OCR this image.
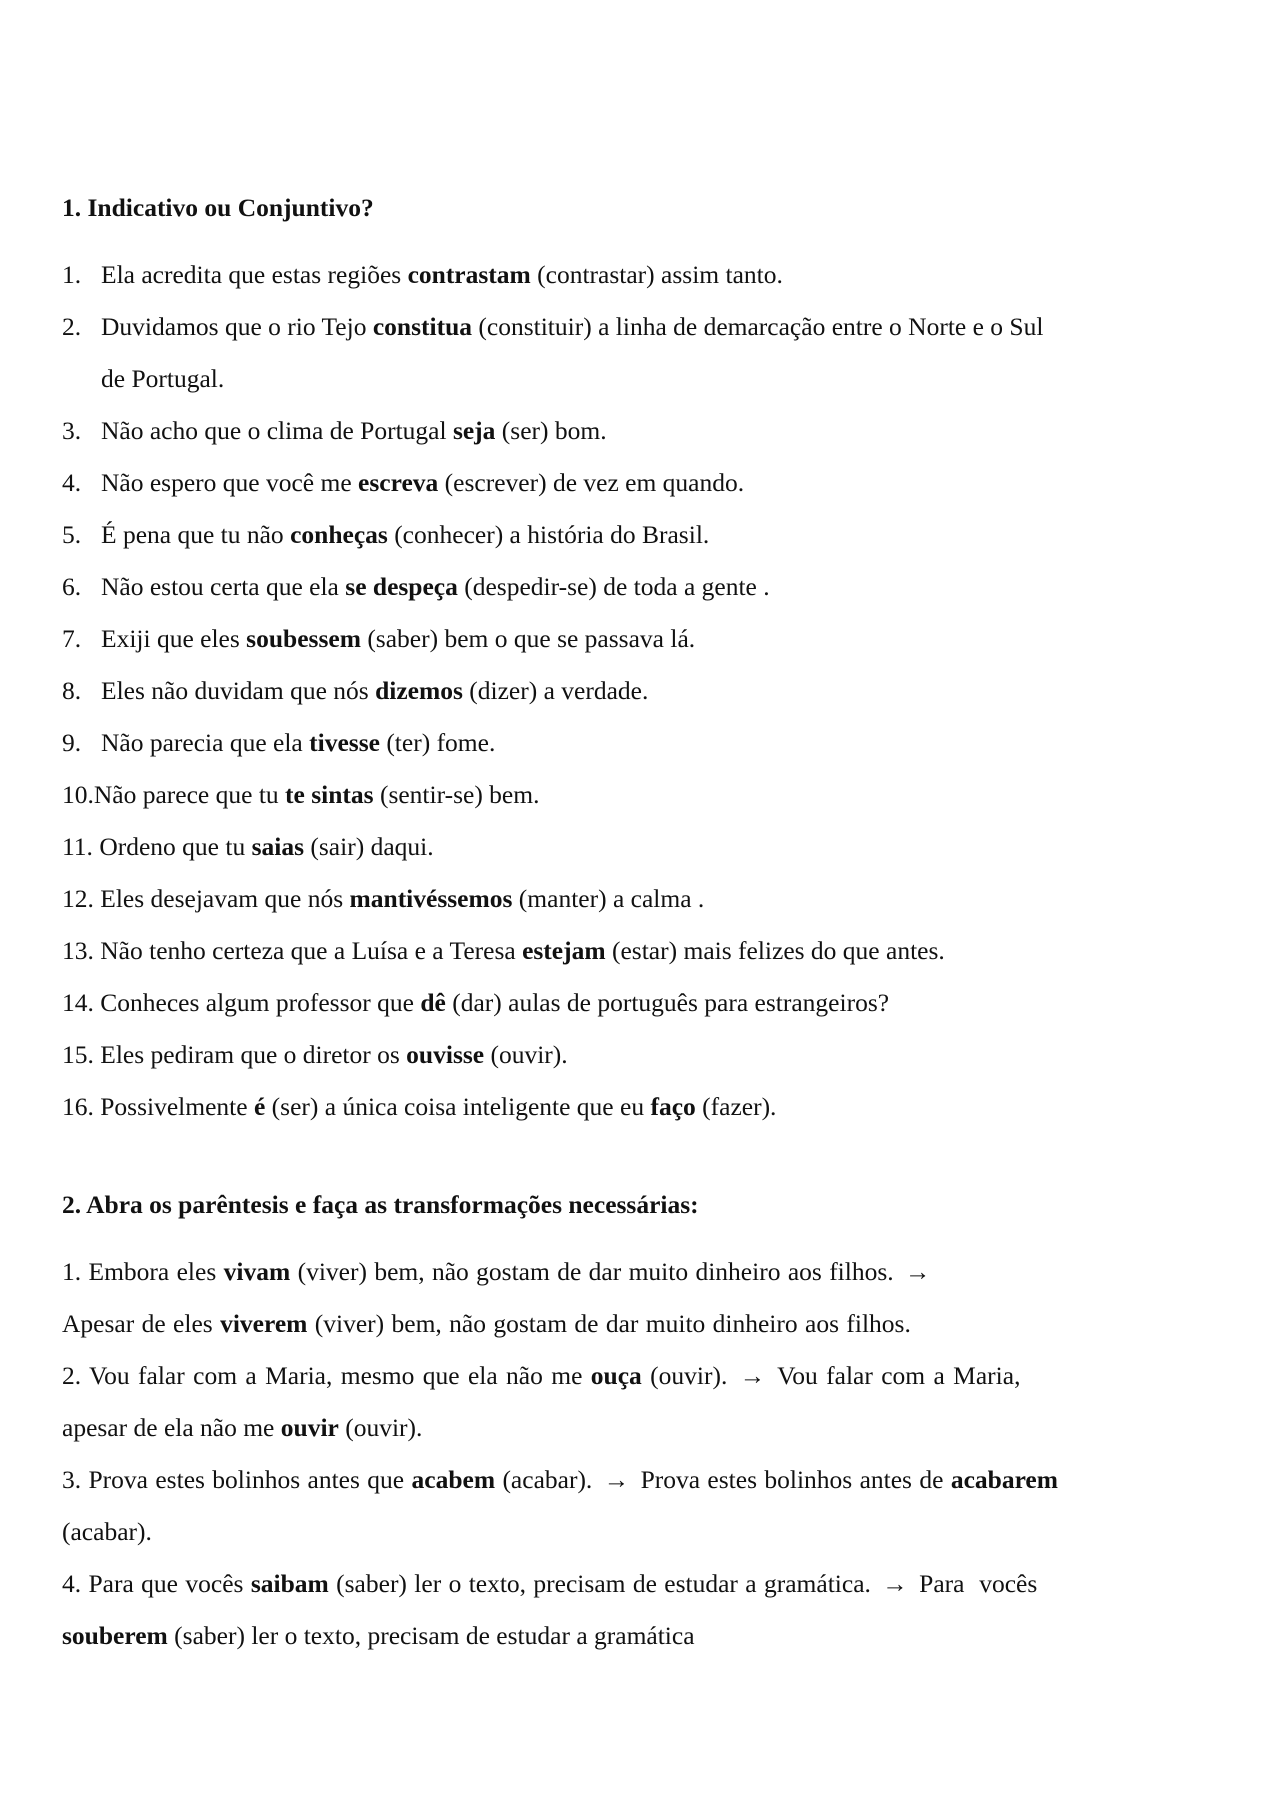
1. Indicativo ou Conjuntivo?
1. Ela acredita que estas regiões contrastam (contrastar) assim tanto.
2. Duvidamos que o rio Tejo constitua (constituir) a linha de demarcação entre o Norte e o Sul
de Portugal.
3. Não acho que o clima de Portugal seja (ser) bom.
4. Não espero que você me escreva (escrever) de vez em quando.
5. É pena que tu não conheças (conhecer) a história do Brasil.
6. Não estou certa que ela se despeça (despedir-se) de toda a gente .
7. Exiji que eles soubessem (saber) bem o que se passava lá.
8. Eles não duvidam que nós dizemos (dizer) a verdade.
9. Não parecia que ela tivesse (ter) fome.
10.Não parece que tu te sintas (sentir-se) bem.
11. Ordeno que tu saias (sair) daqui.
12. Eles desejavam que nós mantivéssemos (manter) a calma .
13. Não tenho certeza que a Luísa e a Teresa estejam (estar) mais felizes do que antes.
14. Conheces algum professor que dê (dar) aulas de português para estrangeiros?
15. Eles pediram que o diretor os ouvisse (ouvir).
16. Possivelmente é (ser) a única coisa inteligente que eu faço (fazer).
2. Abra os parêntesis e faça as transformações necessárias:
1. Embora eles vivam (viver) bem, não gostam de dar muito dinheiro aos filhos. →
Apesar de eles viverem (viver) bem, não gostam de dar muito dinheiro aos filhos.
2. Vou falar com a Maria, mesmo que ela não me ouça (ouvir). → Vou falar com a Maria,
apesar de ela não me ouvir (ouvir).
3. Prova estes bolinhos antes que acabem (acabar). → Prova estes bolinhos antes de acabarem
(acabar).
4. Para que vocês saibam (saber) ler o texto, precisam de estudar a gramática. → Para  vocês
souberem (saber) ler o texto, precisam de estudar a gramática
